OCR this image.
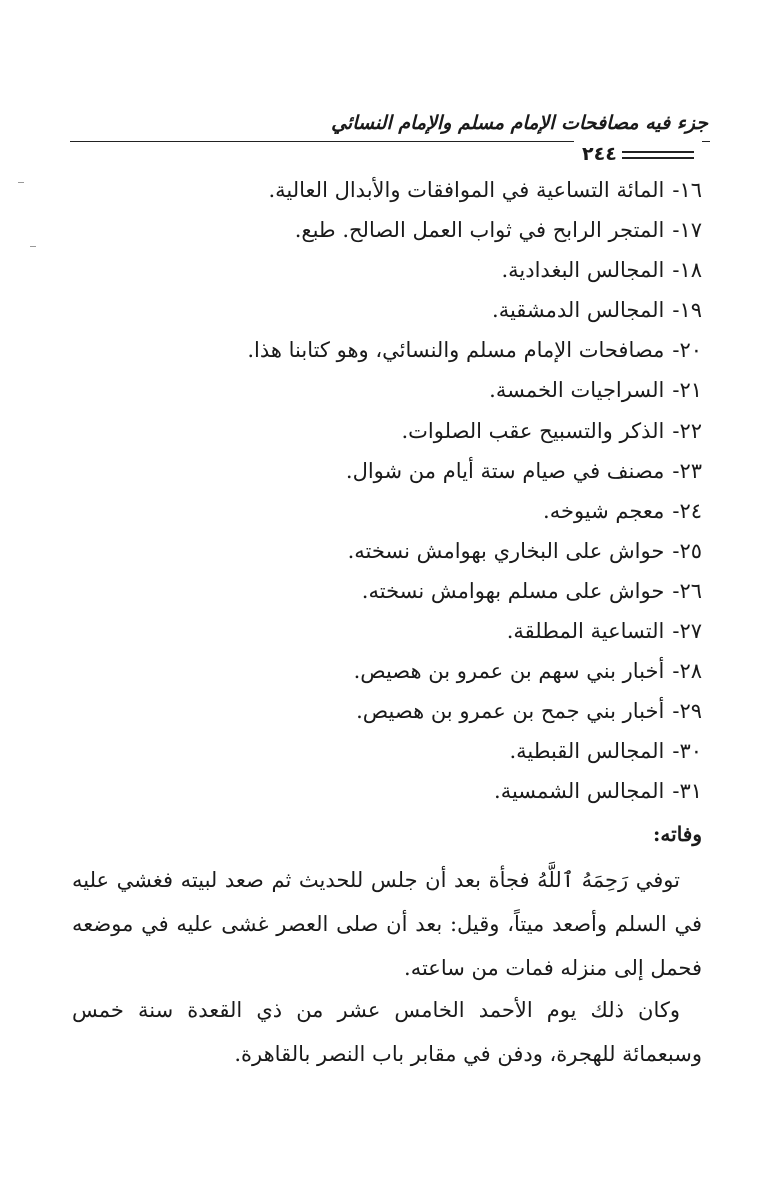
جزء فيه مصافحات الإمام مسلم والإمام النسائي
٢٤٤
١٦-المائة التساعية في الموافقات والأبدال العالية.
١٧-المتجر الرابح في ثواب العمل الصالح. طبع.
١٨-المجالس البغدادية.
١٩-المجالس الدمشقية.
٢٠-مصافحات الإمام مسلم والنسائي، وهو كتابنا هذا.
٢١-السراجيات الخمسة.
٢٢-الذكر والتسبيح عقب الصلوات.
٢٣-مصنف في صيام ستة أيام من شوال.
٢٤-معجم شيوخه.
٢٥-حواش على البخاري بهوامش نسخته.
٢٦-حواش على مسلم بهوامش نسخته.
٢٧-التساعية المطلقة.
٢٨-أخبار بني سهم بن عمرو بن هصيص.
٢٩-أخبار بني جمح بن عمرو بن هصيص.
٣٠-المجالس القبطية.
٣١-المجالس الشمسية.
وفاته:

توفي رَحِمَهُ ٱللَّهُ فجأة بعد أن جلس للحديث ثم صعد لبيته فغشي عليه في السلم وأصعد ميتاً، وقيل: بعد أن صلى العصر غشى عليه في موضعه فحمل إلى منزله فمات من ساعته.

وكان ذلك يوم الأحمد الخامس عشر من ذي القعدة سنة خمس وسبعمائة للهجرة، ودفن في مقابر باب النصر بالقاهرة.
